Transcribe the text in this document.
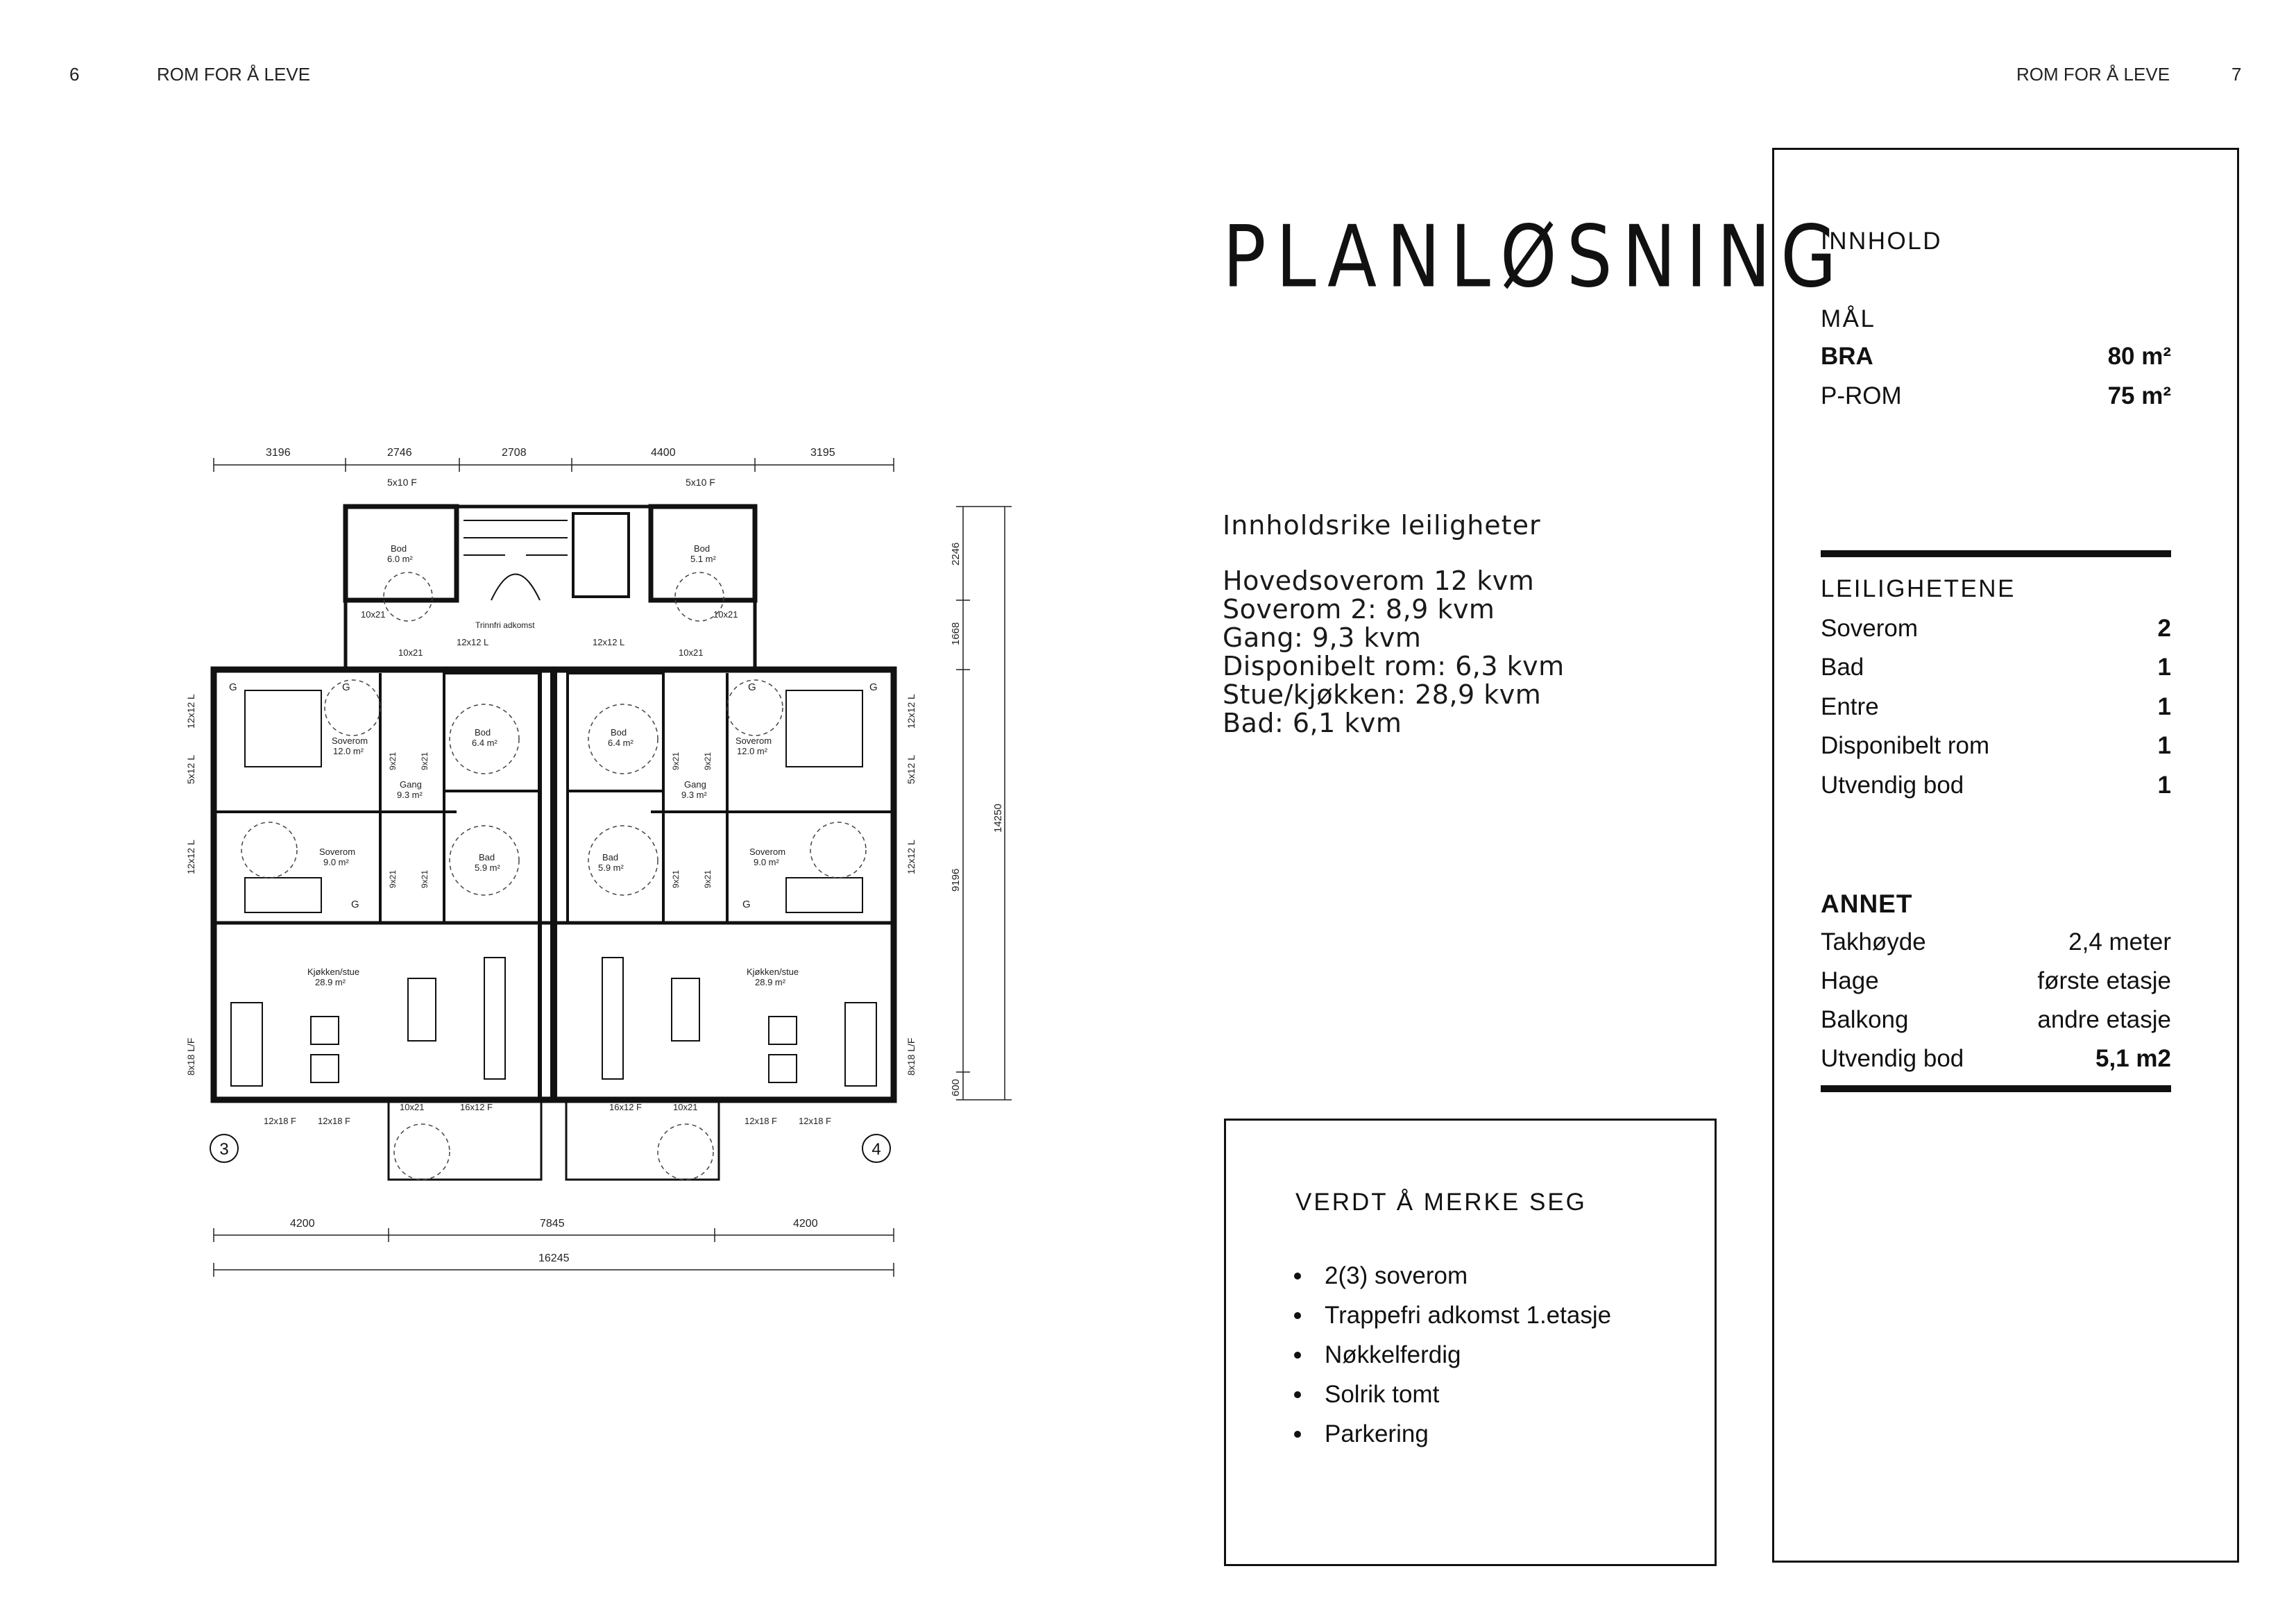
6	ROM FOR Å LEVE	ROM FOR Å LEVE	7
3196	2746	2708	4400	3195
5x10 F	5x10 F
2246
1668
9196
14250
600
5x12 L
12x12 L
12x12 L
8x18 L/F
5x12 L
12x12 L
12x12 L
8x18 L/F
Bod
6.0 m²
Bod
5.1 m²
Trinnfri adkomst
Bod
6.4 m²
Bod
6.4 m²
Soverom
12.0 m²
Soverom
12.0 m²
Gang
9.3 m²
Gang
9.3 m²
Soverom
9.0 m²
Soverom
9.0 m²
Bad
5.9 m²
Bad
5.9 m²
Kjøkken/stue
28.9 m²
Kjøkken/stue
28.9 m²
12x12 L	12x12 L
10x21	10x21
10x21	10x21
10x21	10x21
9x21	9x21
9x21	9x21
9x21	9x21
9x21	9x21
16x12 F	16x12 F
12x18 F 12x18 F	12x18 F 12x18 F
G	G	G	G
G	G
4200	7845	4200
16245
3	4
PLANLØSNING
Innholdsrike leiligheter
Hovedsoverom 12 kvm
Soverom 2: 8,9 kvm
Gang: 9,3 kvm
Disponibelt rom: 6,3 kvm
Stue/kjøkken: 28,9 kvm
Bad: 6,1 kvm
VERDT Å MERKE SEG
2(3) soverom
Trappefri adkomst 1.etasje
Nøkkelferdig
Solrik tomt
Parkering
INNHOLD
MÅL
BRA	80 m²
P-ROM	75 m²
LEILIGHETENE
Soverom	2
Bad	1
Entre	1
Disponibelt rom	1
Utvendig bod	1
ANNET
Takhøyde	2,4 meter
Hage	første etasje
Balkong	andre etasje
Utvendig bod	5,1 m2
